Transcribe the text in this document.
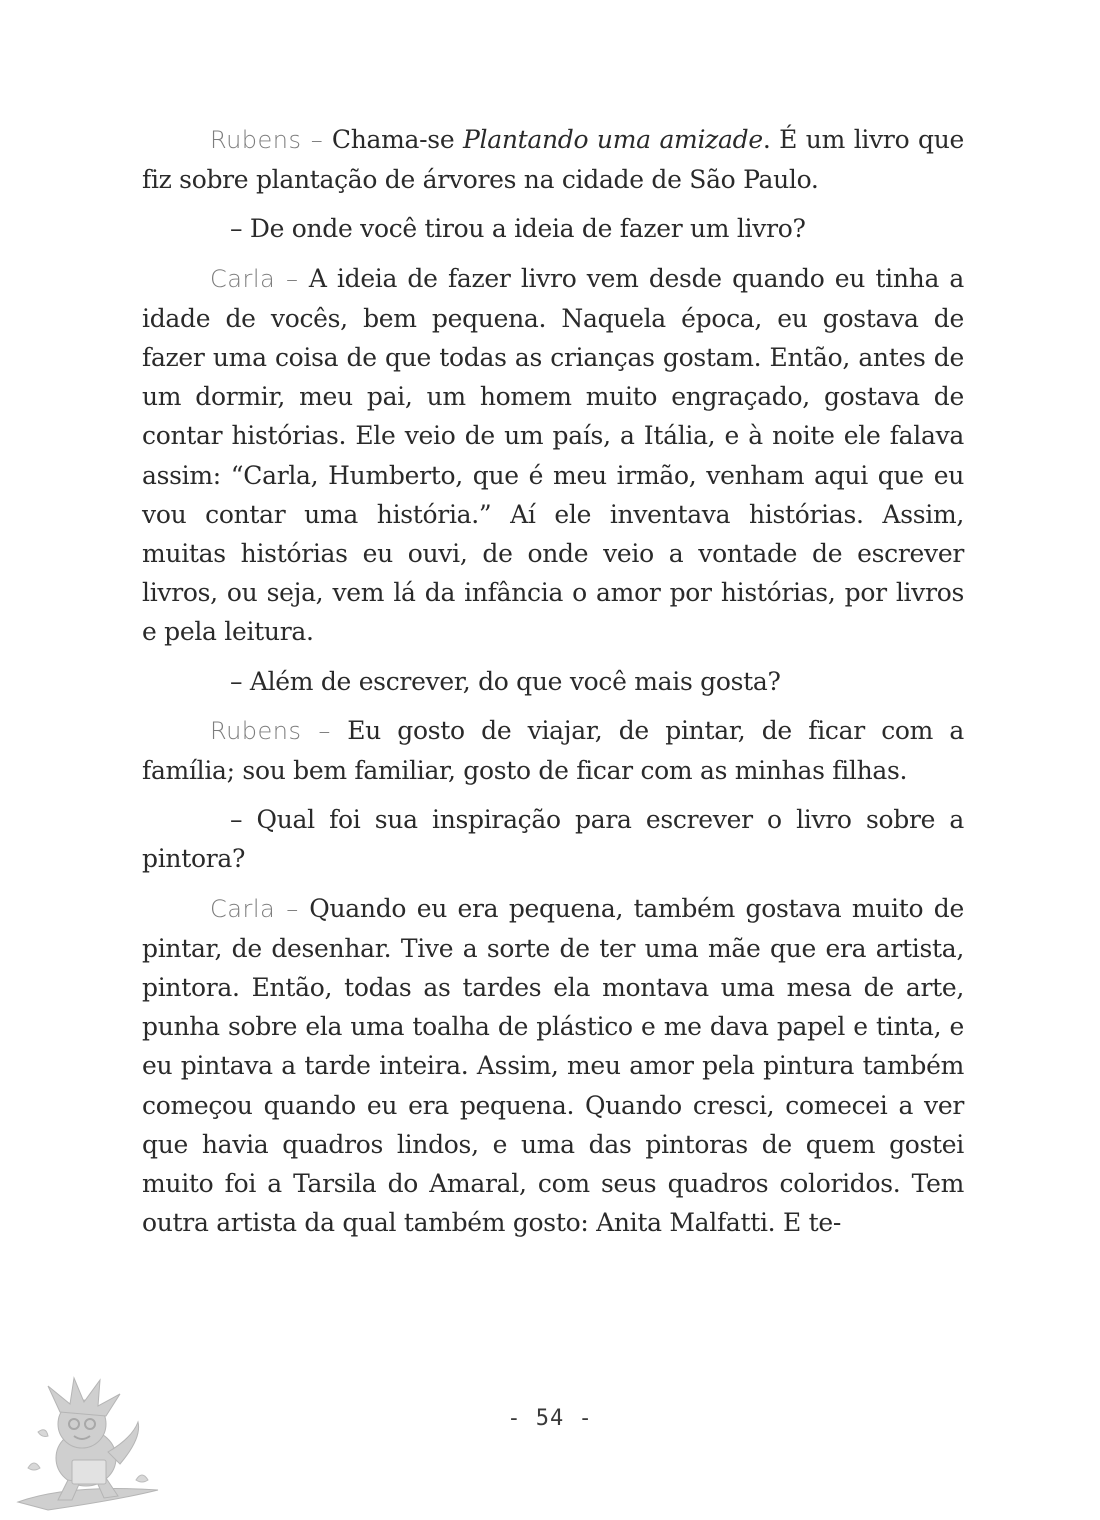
Rubens – Chama-se Plantando uma amizade. É um livro que fiz sobre plantação de árvores na cidade de São Paulo.

– De onde você tirou a ideia de fazer um livro?

Carla – A ideia de fazer livro vem desde quando eu tinha a idade de vocês, bem pequena. Naquela época, eu gostava de fazer uma coisa de que todas as crianças gostam. Então, antes de um dormir, meu pai, um homem muito engraçado, gostava de contar histórias. Ele veio de um país, a Itália, e à noite ele falava assim: “Carla, Humberto, que é meu irmão, venham aqui que eu vou contar uma história.” Aí ele inventava histórias. Assim, muitas histórias eu ouvi, de onde veio a vontade de escrever livros, ou seja, vem lá da infância o amor por histórias, por livros e pela leitura.

– Além de escrever, do que você mais gosta?

Rubens – Eu gosto de viajar, de pintar, de ficar com a família; sou bem familiar, gosto de ficar com as minhas filhas.

– Qual foi sua inspiração para escrever o livro sobre a pintora?

Carla – Quando eu era pequena, também gostava muito de pintar, de desenhar. Tive a sorte de ter uma mãe que era artista, pintora. Então, todas as tardes ela montava uma mesa de arte, punha sobre ela uma toalha de plástico e me dava papel e tinta, e eu pintava a tarde inteira. Assim, meu amor pela pintura também começou quando eu era pequena. Quando cresci, comecei a ver que havia quadros lindos, e uma das pintoras de quem gostei muito foi a Tarsila do Amaral, com seus quadros coloridos. Tem outra artista da qual também gosto: Anita Malfatti. E te-

- 54 -
